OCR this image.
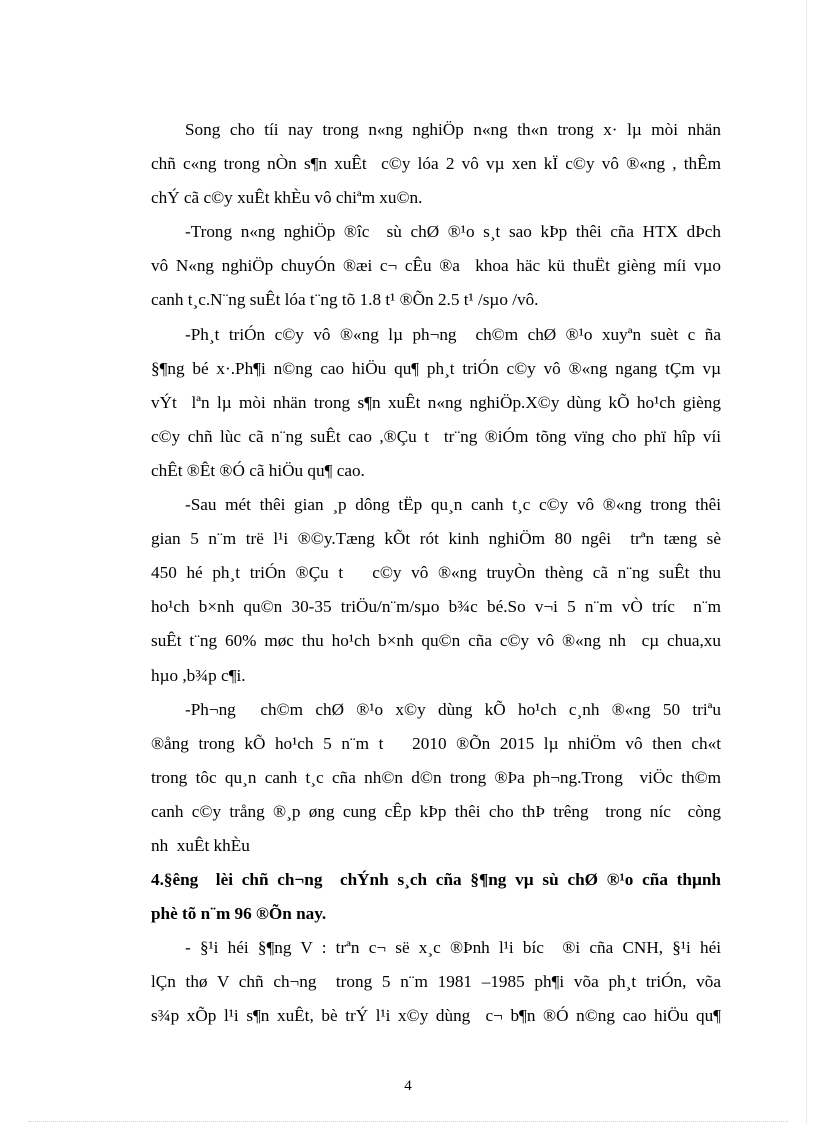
Song cho tíi nay trong n«ng nghiÖp n«ng th«n trong x· lµ mòi nhän
chñ c«ng trong nÒn s¶n xuÊt  c©y lóa 2 vô vµ xen kÏ c©y vô ®«ng , thÊm
chÝ cã c©y xuÊt khÈu vô chiªm xu©n.
-Trong n«ng nghiÖp ®îc  sù chØ ®¹o s¸t sao kÞp thêi cña HTX dÞch
vô N«ng nghiÖp chuyÓn ®æi c¬ cÊu ®a  khoa häc kü thuËt gièng míi vµo
canh t¸c.N¨ng suÊt lóa t¨ng tõ 1.8 t¹ ®Õn 2.5 t¹ /sµo /vô.
-Ph¸t triÓn c©y vô ®«ng lµ ph¬ng  ch©m chØ ®¹o xuyªn suèt c ña
§¶ng bé x·.Ph¶i n©ng cao hiÖu qu¶ ph¸t triÓn c©y vô ®«ng ngang tÇm vµ
vÝt  lªn lµ mòi nhän trong s¶n xuÊt n«ng nghiÖp.X©y dùng kÕ ho¹ch gièng
c©y chñ lùc cã n¨ng suÊt cao ,®Çu t  tr¨ng ®iÓm tõng vïng cho phï hîp víi
chÊt ®Êt ®Ó cã hiÖu qu¶ cao.
-Sau mét thêi gian ¸p dông tËp qu¸n canh t¸c c©y vô ®«ng trong thêi
gian 5 n¨m trë l¹i ®©y.Tæng kÕt rót kinh nghiÖm 80 ngêi  trªn tæng sè
450 hé ph¸t triÓn ®Çu t   c©y vô ®«ng truyÒn thèng cã n¨ng suÊt thu
ho¹ch b×nh qu©n 30-35 triÖu/n¨m/sµo b¾c bé.So v¬i 5 n¨m vÒ tríc  n¨m
suÊt t¨ng 60% møc thu ho¹ch b×nh qu©n cña c©y vô ®«ng nh  cµ chua,xu
hµo ,b¾p c¶i.
-Ph¬ng  ch©m chØ ®¹o x©y dùng kÕ ho¹ch c¸nh ®«ng 50 triªu
®ång trong kÕ ho¹ch 5 n¨m t   2010 ®Õn 2015 lµ nhiÖm vô then ch«t
trong tôc qu¸n canh t¸c cña nh©n d©n trong ®Þa ph¬ng.Trong  viÖc th©m
canh c©y trång ®¸p øng cung cÊp kÞp thêi cho thÞ trêng  trong níc  còng
nh  xuÊt khÈu
4.§êng  lèi chñ ch¬ng  chÝnh s¸ch cña §¶ng vµ sù chØ ®¹o cña thµnh
phè tõ n¨m 96 ®Õn nay.
- §¹i héi §¶ng V : trªn c¬ së x¸c ®Þnh l¹i bíc  ®i cña CNH, §¹i héi
lÇn thø V chñ ch¬ng  trong 5 n¨m 1981 –1985 ph¶i võa ph¸t triÓn, võa
s¾p xÕp l¹i s¶n xuÊt, bè trÝ l¹i x©y dùng  c¬ b¶n ®Ó n©ng cao hiÖu qu¶
4
